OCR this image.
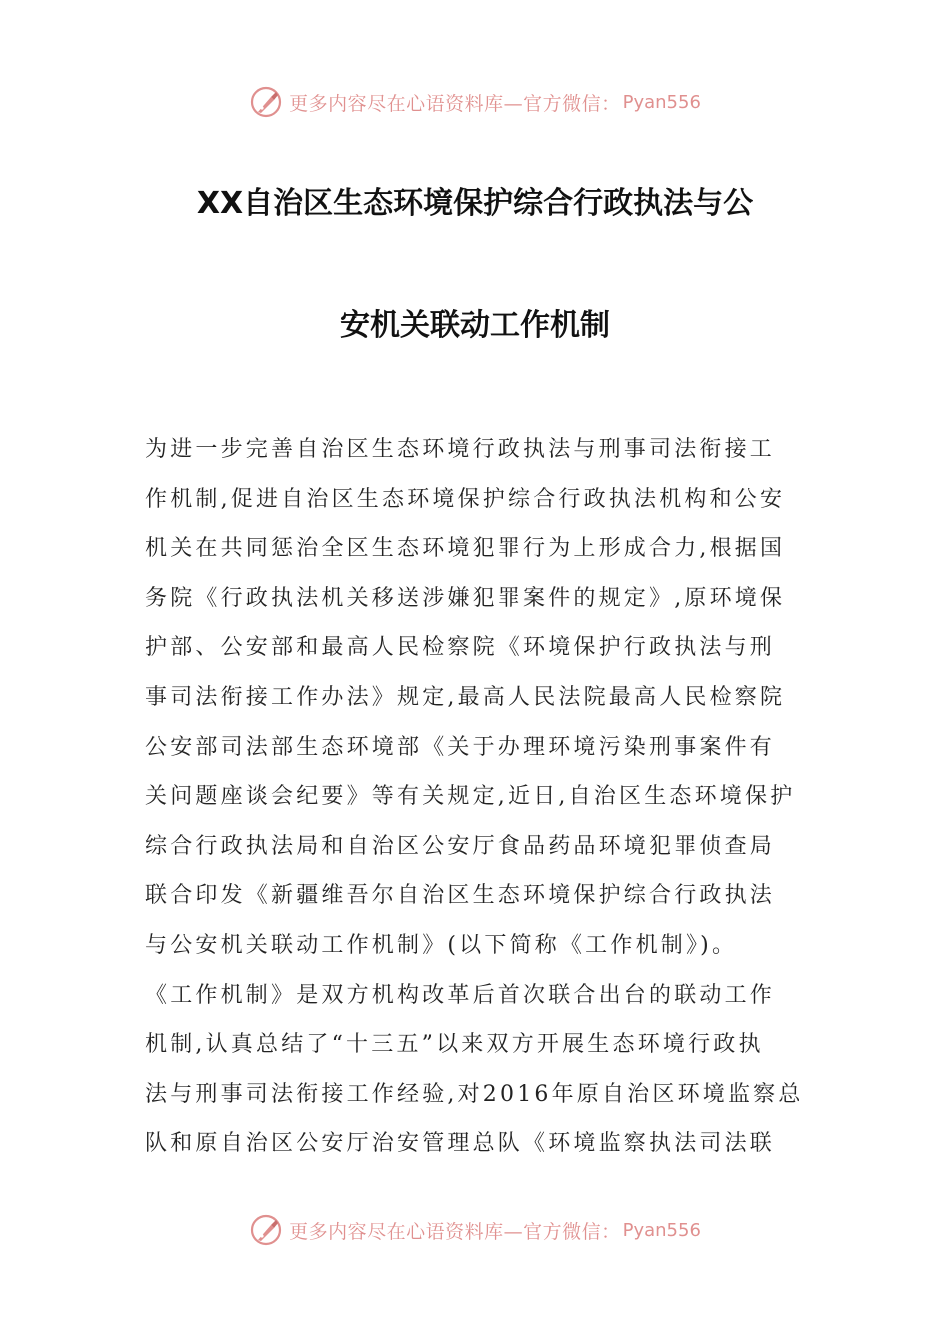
更多内容尽在心语资料库—官方微信： Pyan556
XX自治区生态环境保护综合行政执法与公
安机关联动工作机制
为进一步完善自治区生态环境行政执法与刑事司法衔接工
作机制,促进自治区生态环境保护综合行政执法机构和公安
机关在共同惩治全区生态环境犯罪行为上形成合力,根据国
务院《行政执法机关移送涉嫌犯罪案件的规定》,原环境保
护部、公安部和最高人民检察院《环境保护行政执法与刑
事司法衔接工作办法》规定,最高人民法院最高人民检察院
公安部司法部生态环境部《关于办理环境污染刑事案件有
关问题座谈会纪要》等有关规定,近日,自治区生态环境保护
综合行政执法局和自治区公安厅食品药品环境犯罪侦查局
联合印发《新疆维吾尔自治区生态环境保护综合行政执法
与公安机关联动工作机制》(以下简称《工作机制》)。
《工作机制》是双方机构改革后首次联合出台的联动工作
机制,认真总结了“十三五”以来双方开展生态环境行政执
法与刑事司法衔接工作经验,对2016年原自治区环境监察总
队和原自治区公安厅治安管理总队《环境监察执法司法联
更多内容尽在心语资料库—官方微信： Pyan556
